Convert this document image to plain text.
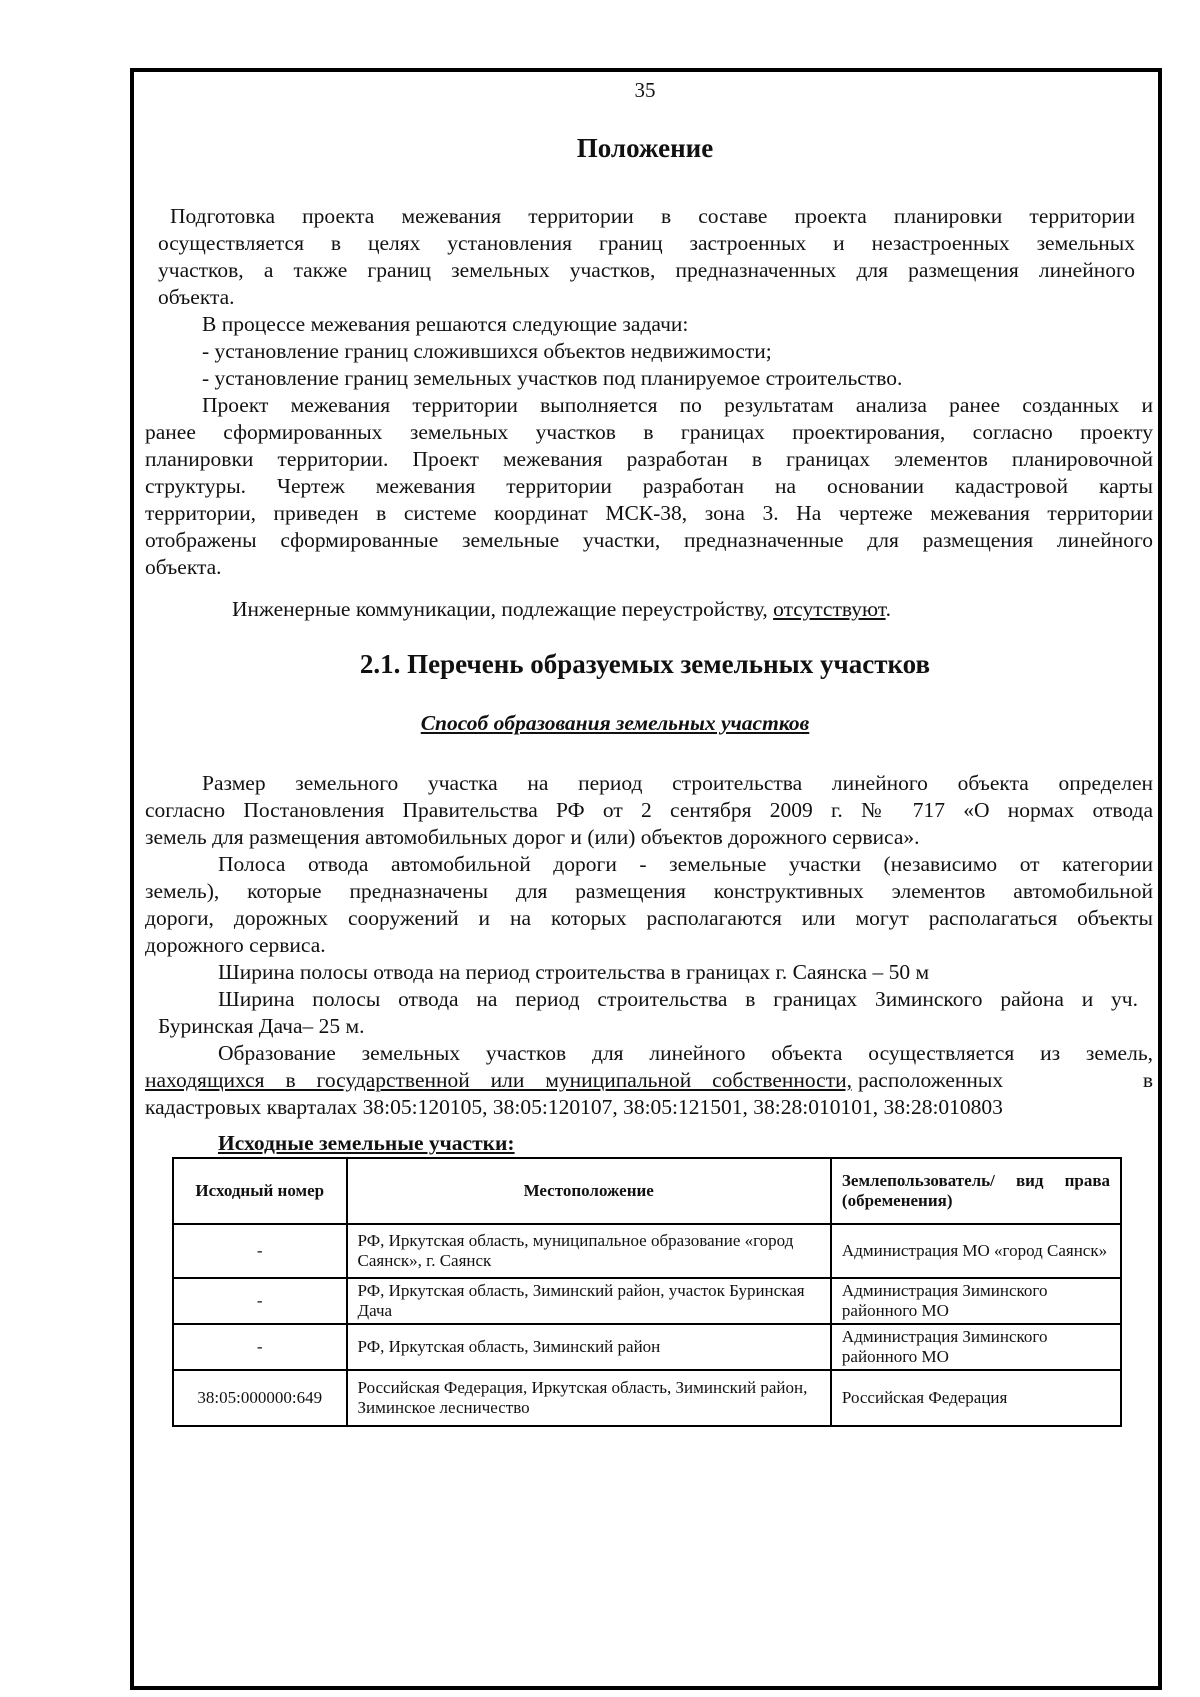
35
Положение
Подготовка проекта межевания территории в составе проекта планировки территории
осуществляется в целях установления границ застроенных и незастроенных земельных
участков, а также границ земельных участков, предназначенных для размещения линейного
объекта.
В процессе межевания решаются следующие задачи:
- установление границ сложившихся объектов недвижимости;
- установление границ земельных участков под планируемое строительство.
Проект межевания территории выполняется по результатам анализа ранее созданных и
ранее сформированных земельных участков в границах проектирования, согласно проекту
планировки территории. Проект межевания разработан в границах элементов планировочной
структуры. Чертеж межевания территории разработан на основании кадастровой карты
территории, приведен в системе координат МСК-38, зона 3. На чертеже межевания территории
отображены сформированные земельные участки, предназначенные для размещения линейного
объекта.
Инженерные коммуникации, подлежащие переустройству, отсутствуют.
2.1. Перечень образуемых земельных участков
Способ образования земельных участков
Размер земельного участка на период строительства линейного объекта определен
согласно Постановления Правительства РФ от 2 сентября 2009 г. № 717 «О нормах отвода
земель для размещения автомобильных дорог и (или) объектов дорожного сервиса».
Полоса отвода автомобильной дороги - земельные участки (независимо от категории
земель), которые предназначены для размещения конструктивных элементов автомобильной
дороги, дорожных сооружений и на которых располагаются или могут располагаться объекты
дорожного сервиса.
Ширина полосы отвода на период строительства в границах г. Саянска – 50 м
Ширина полосы отвода на период строительства в границах Зиминского района и уч.
Буринская Дача– 25 м.
Образование земельных участков для линейного объекта осуществляется из земель,
находящихся в государственной или муниципальной собственности, расположенных в
кадастровых кварталах 38:05:120105, 38:05:120107, 38:05:121501, 38:28:010101, 38:28:010803
Исходные земельные участки:
Исходный номер	Местоположение	Землепользователь/ вид права (обременения)
-	РФ, Иркутская область, муниципальное образование «город Саянск», г. Саянск	Администрация МО «город Саянск»
-	РФ, Иркутская область, Зиминский район, участок Буринская Дача	Администрация Зиминского районного МО
-	РФ, Иркутская область, Зиминский район	Администрация Зиминского районного МО
38:05:000000:649	Российская Федерация, Иркутская область, Зиминский район, Зиминское лесничество	Российская Федерация
